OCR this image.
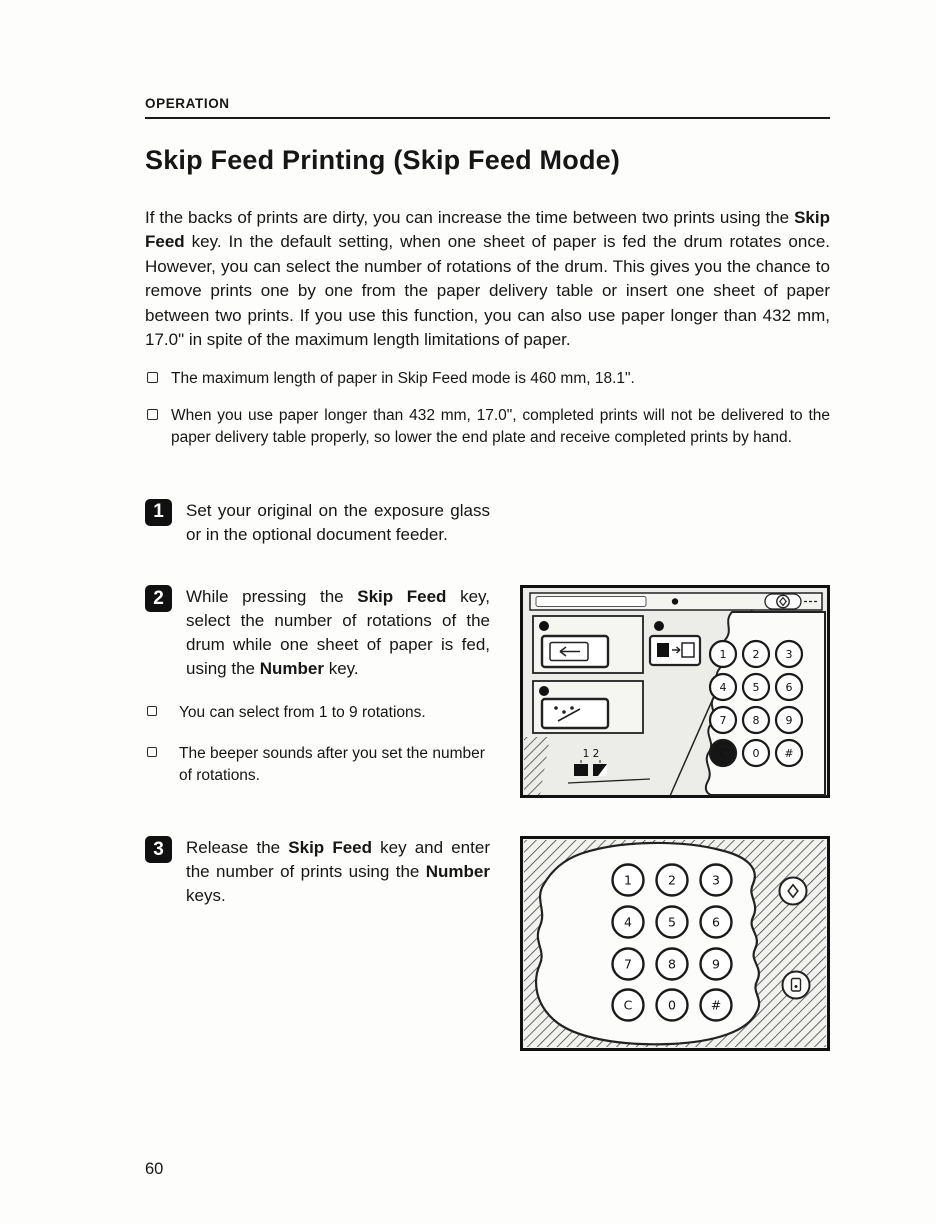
OPERATION
Skip Feed Printing (Skip Feed Mode)

If the backs of prints are dirty, you can increase the time between two prints using the Skip Feed key. In the default setting, when one sheet of paper is fed the drum rotates once. However, you can select the number of rotations of the drum. This gives you the chance to remove prints one by one from the paper delivery table or insert one sheet of paper between two prints. If you use this function, you can also use paper longer than 432 mm, 17.0" in spite of the maximum length limitations of paper.

The maximum length of paper in Skip Feed mode is 460 mm, 18.1".
When you use paper longer than 432 mm, 17.0", completed prints will not be delivered to the paper delivery table properly, so lower the end plate and receive completed prints by hand.
1	Set your original on the exposure glass or in the optional document feeder.

2	While pressing the Skip Feed key, select the number of rotations of the drum while one sheet of paper is fed, using the Number key.

You can select from 1 to 9 rotations.
The beeper sounds after you set the number of rotations.
1 2
1 2 3
4 5 6
7 8 9
C 0 #
3	Release the Skip Feed key and enter the number of prints using the Number keys.

1	2	3
4	5	6
7	8	9
C	0	#
60
